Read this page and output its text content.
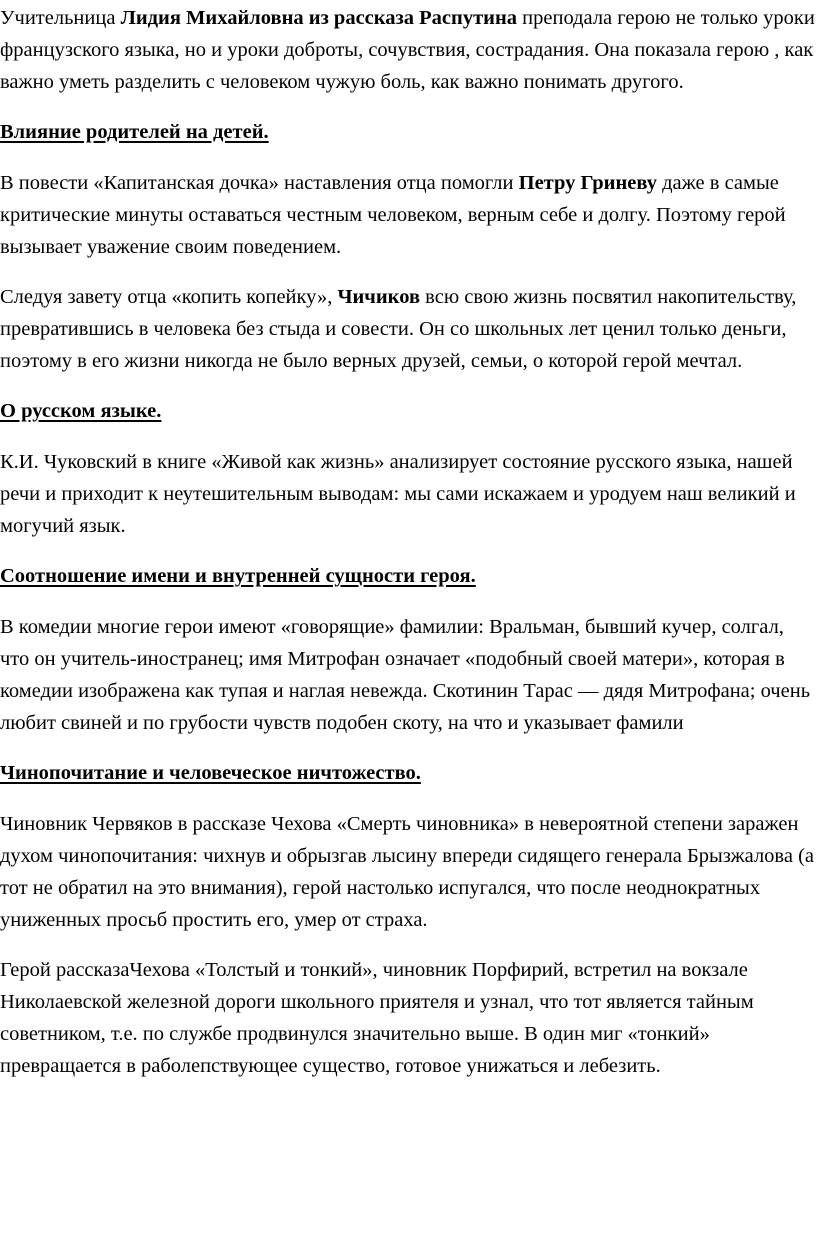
Учительница Лидия Михайловна из рассказа Распутина преподала герою не только уроки французского языка, но и уроки доброты, сочувствия, сострадания. Она показала герою , как важно уметь разделить с человеком чужую боль, как важно понимать другого.

Влияние родителей на детей.

В повести «Капитанская дочка» наставления отца помогли Петру Гриневу даже в самые критические минуты оставаться честным человеком, верным себе и долгу. Поэтому герой вызывает уважение своим поведением.

Следуя завету отца «копить копейку», Чичиков всю свою жизнь посвятил накопительству, превратившись в человека без стыда и совести. Он со школьных лет ценил только деньги, поэтому в его жизни никогда не было верных друзей, семьи, о которой герой мечтал.

О русском языке.

К.И. Чуковский в книге «Живой как жизнь» анализирует состояние русского языка, нашей речи и приходит к неутешительным выводам: мы сами искажаем и уродуем наш великий и могучий язык.

Соотношение имени и внутренней сущности героя.

В комедии многие герои имеют «говорящие» фамилии: Вральман, бывший кучер, солгал, что он учитель-иностранец; имя Митрофан означает «подобный своей матери», которая в комедии изображена как тупая и наглая невежда. Скотинин Тарас — дядя Митрофана; очень любит свиней и по грубости чувств подобен скоту, на что и указывает фамили

Чинопочитание и человеческое ничтожество.

Чиновник Червяков в рассказе Чехова «Смерть чиновника» в невероятной степени заражен духом чинопочитания: чихнув и обрызгав лысину впереди сидящего генерала Брызжалова (а тот не обратил на это внимания), герой настолько испугался, что после неоднократных униженных просьб простить его, умер от страха.

Герой рассказаЧехова «Толстый и тонкий», чиновник Порфирий, встретил на вокзале Николаевской железной дороги школьного приятеля и узнал, что тот является тайным советником, т.е. по службе продвинулся значительно выше. В один миг «тонкий» превращается в раболепствующее существо, готовое унижаться и лебезить.
